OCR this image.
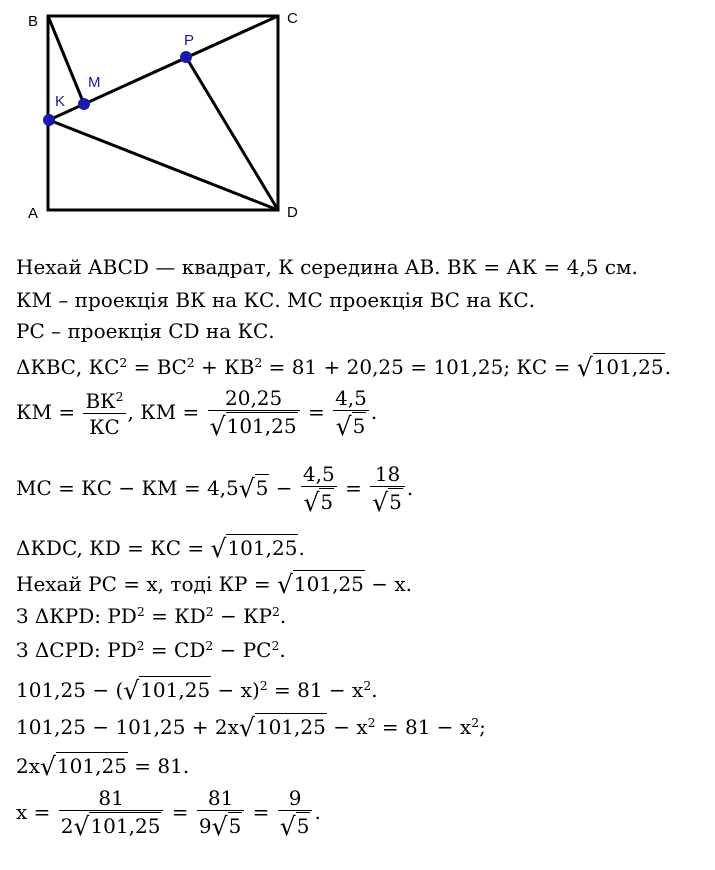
B	C
A	D
K
M
P
Нехай ABCD — квадрат, К середина AB. ВК = АК = 4,5 см.
КМ – проекція ВК на КС. МС проекція ВС на КС.
РС – проекція CD на КС.
ΔКВС, $КС^2 = ВС^2 + КВ^2 = 81 + 20,25 = 101,25$; КС = √101,25.
КМ = $\frac{ВК^2}{КС}$ , КМ = $\frac{20,25}{√101,25} = \frac{4,5}{√5}$ .
МС = КС − КМ = $4,5√5 - \frac{4,5}{√5} = \frac{18}{√5}$ .
ΔКDC, КD = КС = √101,25.
Нехай РС = x, тоді КР = √101,25 − x.
З ΔКРD: $PD^2 = КD^2 - КР^2$.
З ΔСРD: $PD^2 = CD^2 - РС^2$.
$101,25 - (√101,25 - x)^2 = 81 - x^2$.
$101,25 - 101,25 + 2x√101,25 - x^2 = 81 - x^2$;
2x√101,25 = 81.
$x = \frac{81}{2√101,25} = \frac{81}{9√5} = \frac{9}{√5}$ .
